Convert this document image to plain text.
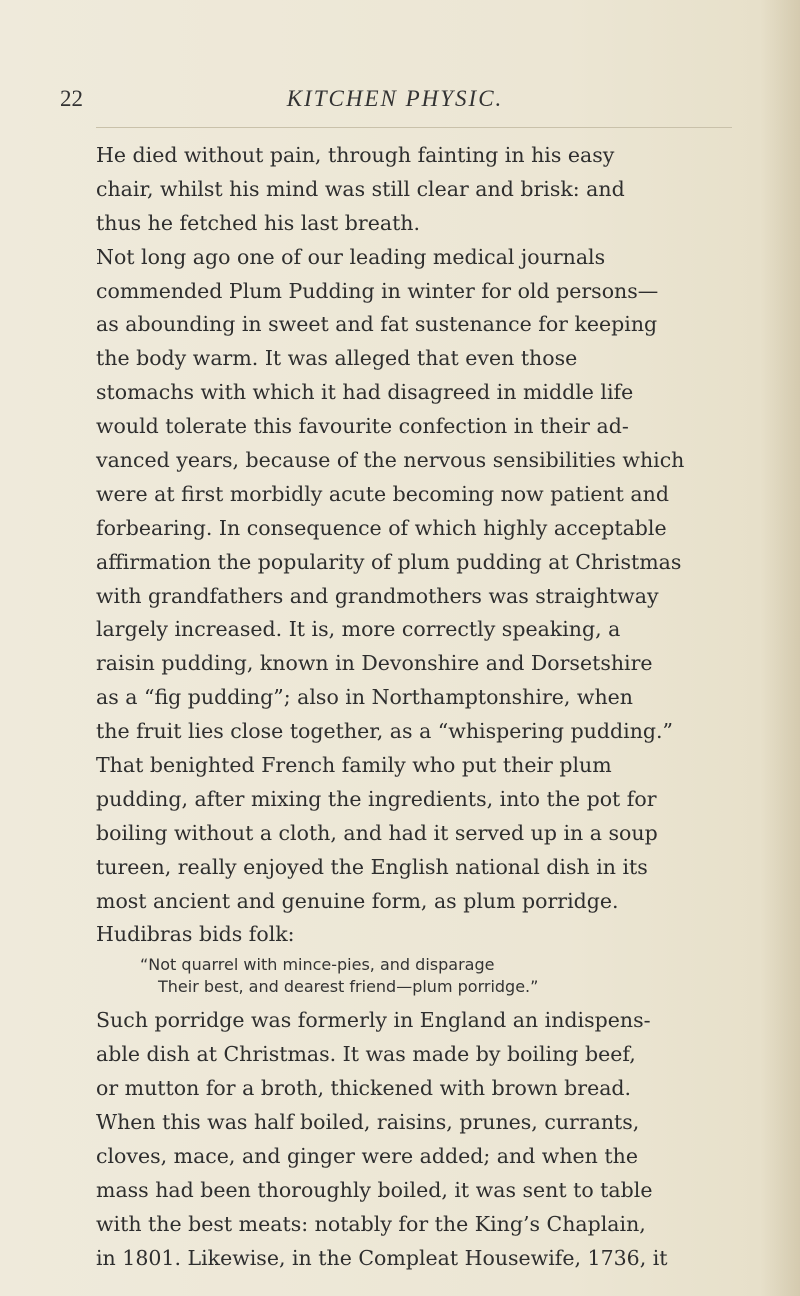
22	KITCHEN PHYSIC.
He died without pain, through fainting in his easy
chair, whilst his mind was still clear and brisk: and
thus he fetched his last breath.
Not long ago one of our leading medical journals
commended Plum Pudding in winter for old persons—
as abounding in sweet and fat sustenance for keeping
the body warm. It was alleged that even those
stomachs with which it had disagreed in middle life
would tolerate this favourite confection in their ad-
vanced years, because of the nervous sensibilities which
were at first morbidly acute becoming now patient and
forbearing. In consequence of which highly acceptable
affirmation the popularity of plum pudding at Christmas
with grandfathers and grandmothers was straightway
largely increased. It is, more correctly speaking, a
raisin pudding, known in Devonshire and Dorsetshire
as a “fig pudding”; also in Northamptonshire, when
the fruit lies close together, as a “whispering pudding.”
That benighted French family who put their plum
pudding, after mixing the ingredients, into the pot for
boiling without a cloth, and had it served up in a soup
tureen, really enjoyed the English national dish in its
most ancient and genuine form, as plum porridge.
Hudibras bids folk:
“Not quarrel with mince-pies, and disparage
Their best, and dearest friend—plum porridge.”
Such porridge was formerly in England an indispens-
able dish at Christmas. It was made by boiling beef,
or mutton for a broth, thickened with brown bread.
When this was half boiled, raisins, prunes, currants,
cloves, mace, and ginger were added; and when the
mass had been thoroughly boiled, it was sent to table
with the best meats: notably for the King’s Chaplain,
in 1801. Likewise, in the Compleat Housewife, 1736, it
